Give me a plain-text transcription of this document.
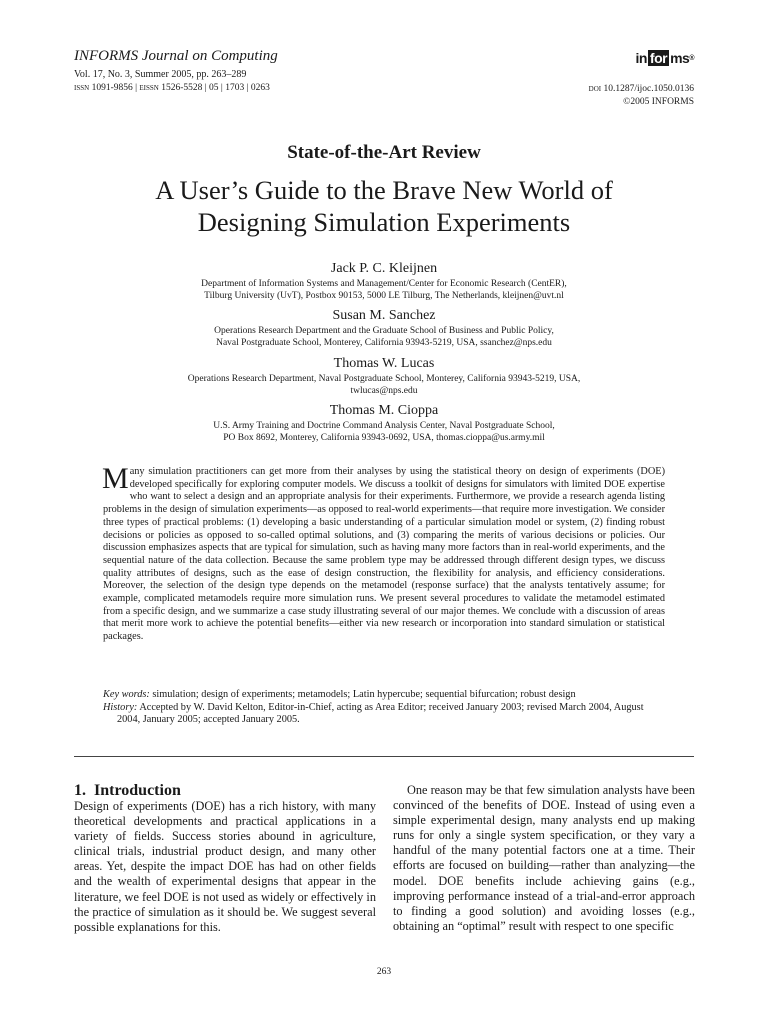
INFORMS Journal on Computing
Vol. 17, No. 3, Summer 2005, pp. 263–289
issn 1091-9856 | eissn 1526-5528 | 05 | 1703 | 0263
in for ms ®
doi 10.1287/ijoc.1050.0136
©2005 INFORMS
State-of-the-Art Review
A User’s Guide to the Brave New World of
Designing Simulation Experiments
Jack P. C. Kleijnen
Department of Information Systems and Management/Center for Economic Research (CentER),
Tilburg University (UvT), Postbox 90153, 5000 LE Tilburg, The Netherlands, kleijnen@uvt.nl
Susan M. Sanchez
Operations Research Department and the Graduate School of Business and Public Policy,
Naval Postgraduate School, Monterey, California 93943-5219, USA, ssanchez@nps.edu
Thomas W. Lucas
Operations Research Department, Naval Postgraduate School, Monterey, California 93943-5219, USA,
twlucas@nps.edu
Thomas M. Cioppa
U.S. Army Training and Doctrine Command Analysis Center, Naval Postgraduate School,
PO Box 8692, Monterey, California 93943-0692, USA, thomas.cioppa@us.army.mil
Many simulation practitioners can get more from their analyses by using the statistical theory on design of experiments (DOE) developed specifically for exploring computer models. We discuss a toolkit of designs for simulators with limited DOE expertise who want to select a design and an appropriate analysis for their experiments. Furthermore, we provide a research agenda listing problems in the design of simulation experiments—as opposed to real-world experiments—that require more investigation. We consider three types of practical problems: (1) developing a basic understanding of a particular simulation model or system, (2) finding robust decisions or policies as opposed to so-called optimal solutions, and (3) comparing the merits of various decisions or policies. Our discussion emphasizes aspects that are typical for simulation, such as having many more factors than in real-world experiments, and the sequential nature of the data collection. Because the same problem type may be addressed through different design types, we discuss quality attributes of designs, such as the ease of design construction, the flexibility for analysis, and efficiency considerations. Moreover, the selection of the design type depends on the metamodel (response surface) that the analysts tentatively assume; for example, complicated metamodels require more simulation runs. We present several procedures to validate the metamodel estimated from a specific design, and we summarize a case study illustrating several of our major themes. We conclude with a discussion of areas that merit more work to achieve the potential benefits—either via new research or incorporation into standard simulation or statistical packages.

Key words: simulation; design of experiments; metamodels; Latin hypercube; sequential bifurcation; robust design

History: Accepted by W. David Kelton, Editor-in-Chief, acting as Area Editor; received January 2003; revised March 2004, August 2004, January 2005; accepted January 2005.

1. Introduction
Design of experiments (DOE) has a rich history, with many theoretical developments and practical applications in a variety of fields. Success stories abound in agriculture, clinical trials, industrial product design, and many other areas. Yet, despite the impact DOE has had on other fields and the wealth of experimental designs that appear in the literature, we feel DOE is not used as widely or effectively in the practice of simulation as it should be. We suggest several possible explanations for this.
One reason may be that few simulation analysts have been convinced of the benefits of DOE. Instead of using even a simple experimental design, many analysts end up making runs for only a single system specification, or they vary a handful of the many potential factors one at a time. Their efforts are focused on building—rather than analyzing—the model. DOE benefits include achieving gains (e.g., improving performance instead of a trial-and-error approach to finding a good solution) and avoiding losses (e.g., obtaining an “optimal” result with respect to one specific
263
